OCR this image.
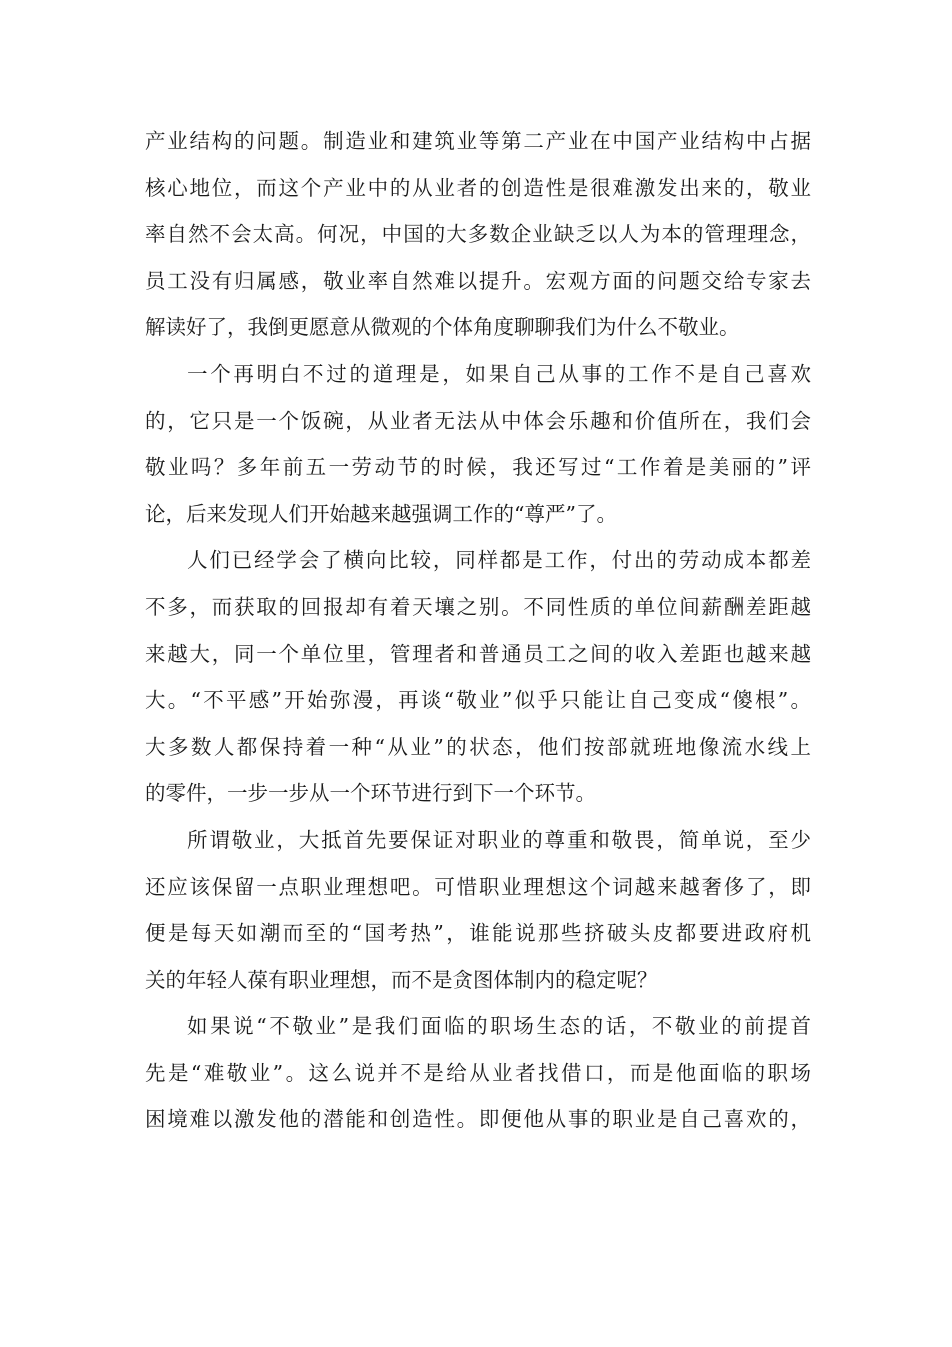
产业结构的问题。制造业和建筑业等第二产业在中国产业结构中占据
核心地位，而这个产业中的从业者的创造性是很难激发出来的，敬业
率自然不会太高。何况，中国的大多数企业缺乏以人为本的管理理念，
员工没有归属感，敬业率自然难以提升。宏观方面的问题交给专家去
解读好了，我倒更愿意从微观的个体角度聊聊我们为什么不敬业。
一个再明白不过的道理是，如果自己从事的工作不是自己喜欢
的，它只是一个饭碗，从业者无法从中体会乐趣和价值所在，我们会
敬业吗？多年前五一劳动节的时候，我还写过“工作着是美丽的”评
论，后来发现人们开始越来越强调工作的“尊严”了。
人们已经学会了横向比较，同样都是工作，付出的劳动成本都差
不多，而获取的回报却有着天壤之别。不同性质的单位间薪酬差距越
来越大，同一个单位里，管理者和普通员工之间的收入差距也越来越
大。“不平感”开始弥漫，再谈“敬业”似乎只能让自己变成“傻根”。
大多数人都保持着一种“从业”的状态，他们按部就班地像流水线上
的零件，一步一步从一个环节进行到下一个环节。
所谓敬业，大抵首先要保证对职业的尊重和敬畏，简单说，至少
还应该保留一点职业理想吧。可惜职业理想这个词越来越奢侈了，即
便是每天如潮而至的“国考热”，谁能说那些挤破头皮都要进政府机
关的年轻人葆有职业理想，而不是贪图体制内的稳定呢？
如果说“不敬业”是我们面临的职场生态的话，不敬业的前提首
先是“难敬业”。这么说并不是给从业者找借口，而是他面临的职场
困境难以激发他的潜能和创造性。即便他从事的职业是自己喜欢的，
